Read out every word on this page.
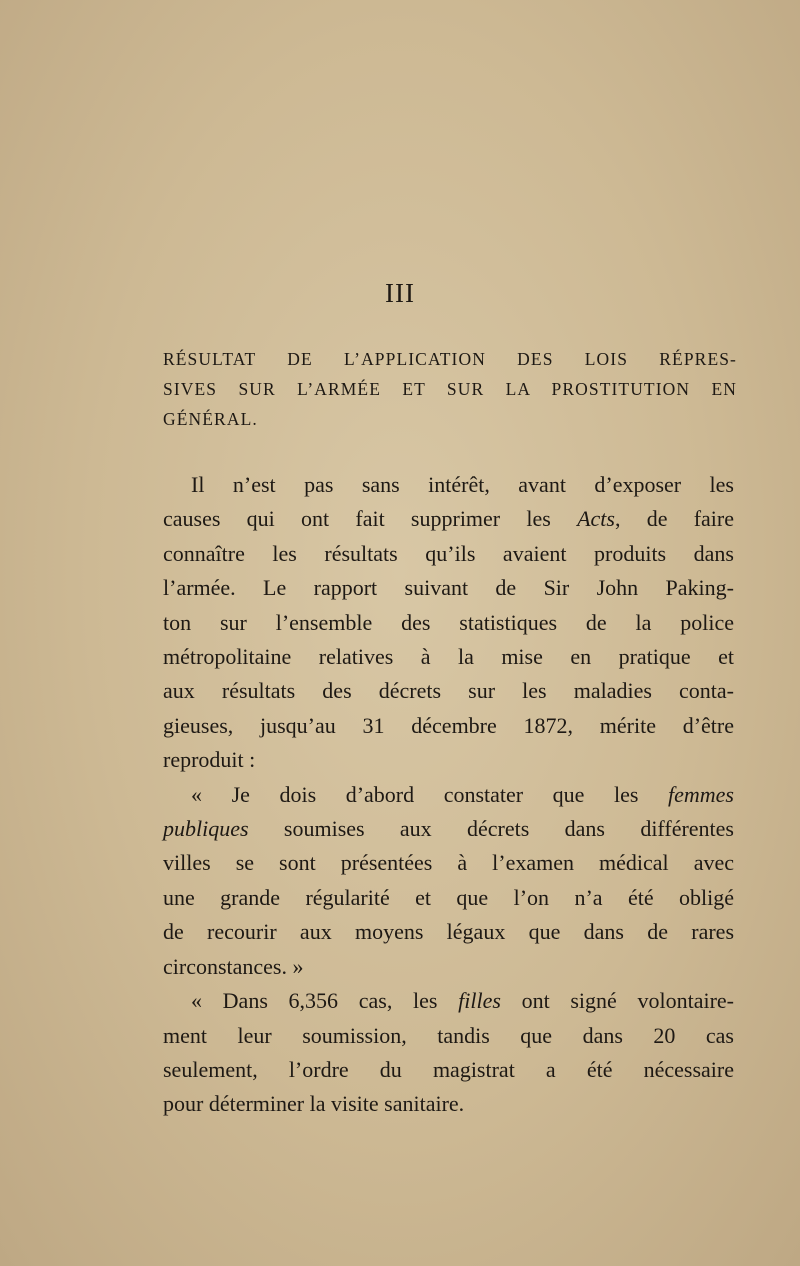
III
RÉSULTAT DE L’APPLICATION DES LOIS RÉPRES-
SIVES SUR L’ARMÉE ET SUR LA PROSTITUTION EN
GÉNÉRAL.
Il n’est pas sans intérêt, avant d’exposer les
causes qui ont fait supprimer les Acts, de faire
connaître les résultats qu’ils avaient produits dans
l’armée. Le rapport suivant de Sir John Paking-
ton sur l’ensemble des statistiques de la police
métropolitaine relatives à la mise en pratique et
aux résultats des décrets sur les maladies conta-
gieuses, jusqu’au 31 décembre 1872, mérite d’être
reproduit :
« Je dois d’abord constater que les femmes
publiques soumises aux décrets dans différentes
villes se sont présentées à l’examen médical avec
une grande régularité et que l’on n’a été obligé
de recourir aux moyens légaux que dans de rares
circonstances. »
« Dans 6,356 cas, les filles ont signé volontaire-
ment leur soumission, tandis que dans 20 cas
seulement, l’ordre du magistrat a été nécessaire
pour déterminer la visite sanitaire.
